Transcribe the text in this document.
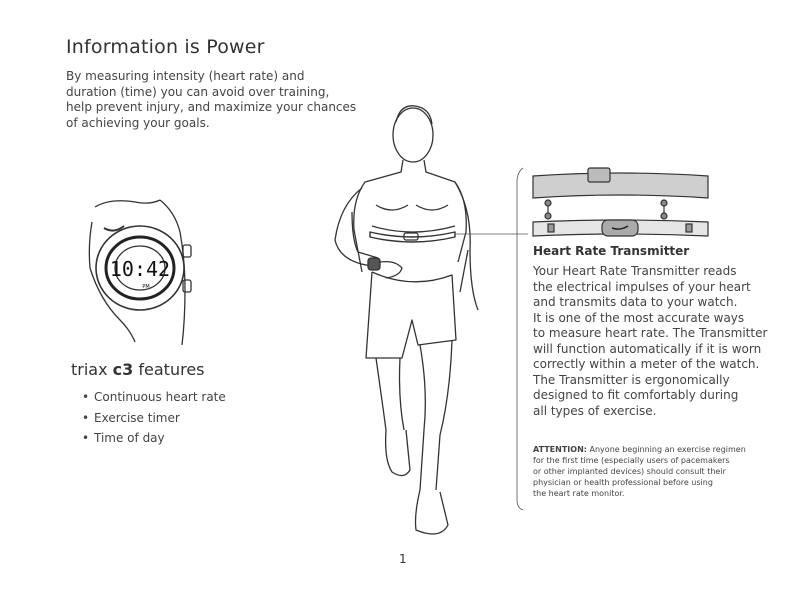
10:42
PM
Information is Power
By measuring intensity (heart rate) and
duration (time) you can avoid over training,
help prevent injury, and maximize your chances
of achieving your goals.
triax c3 features
• Continuous heart rate
• Exercise timer
• Time of day
Heart Rate Transmitter
Your Heart Rate Transmitter reads
the electrical impulses of your heart
and transmits data to your watch.
It is one of the most accurate ways
to measure heart rate. The Transmitter
will function automatically if it is worn
correctly within a meter of the watch.
The Transmitter is ergonomically
designed to fit comfortably during
all types of exercise.
ATTENTION: Anyone beginning an exercise regimen
for the first time (especially users of pacemakers
or other implanted devices) should consult their
physician or health professional before using
the heart rate monitor.
1
